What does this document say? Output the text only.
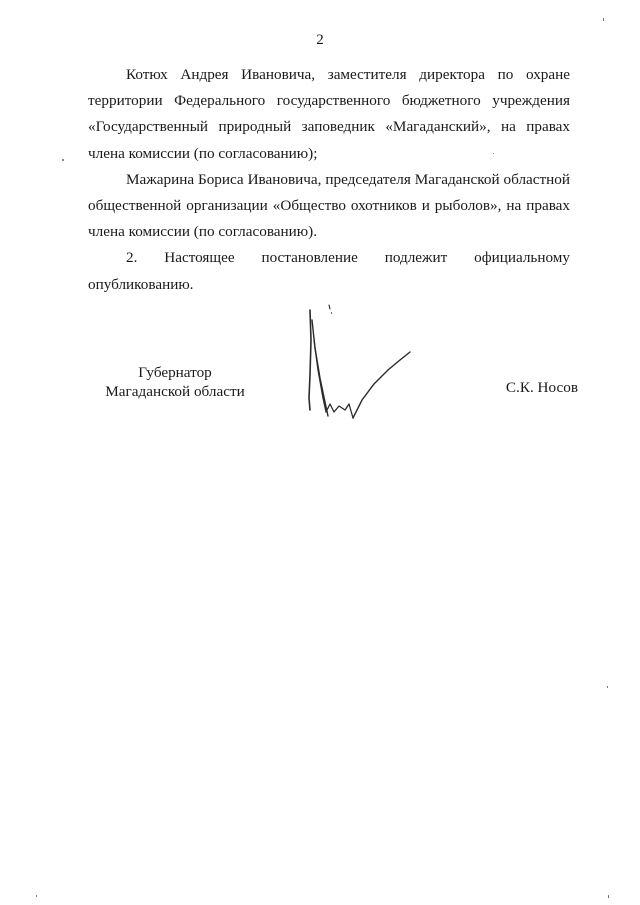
2

Котюх Андрея Ивановича, заместителя директора по охране территории Федерального государственного бюджетного учреждения «Государственный природный заповедник «Магаданский», на правах члена комиссии (по согласованию);

Мажарина Бориса Ивановича, председателя Магаданской областной общественной организации «Общество охотников и рыболов», на правах члена комиссии (по согласованию).

2. Настоящее постановление подлежит официальному опубликованию.

Губернатор
Магаданской области	С.К. Носов
